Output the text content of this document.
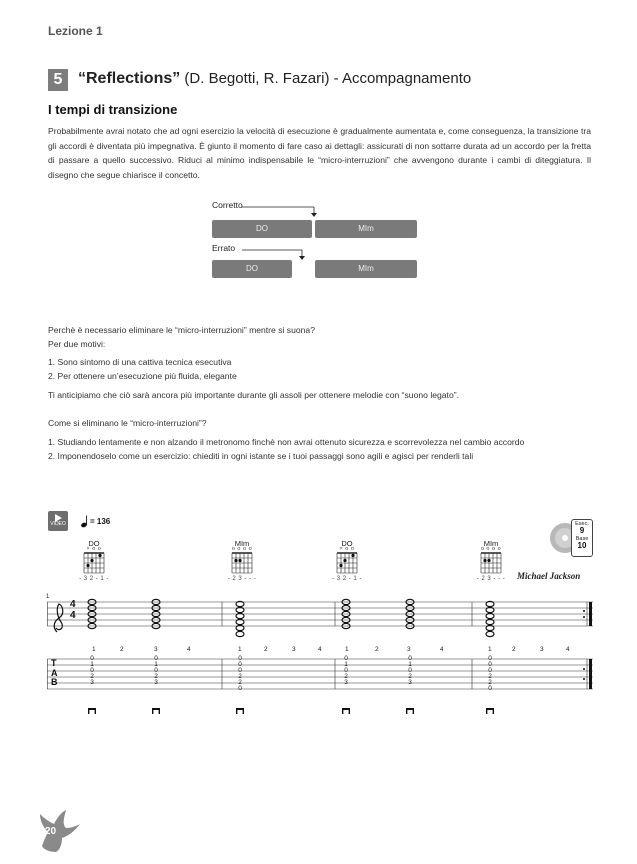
Lezione 1
5 “Reflections” (D. Begotti, R. Fazari) - Accompagnamento
I tempi di transizione
Probabilmente avrai notato che ad ogni esercizio la velocità di esecuzione è gradualmente aumentata e, come conseguenza, la transizione tra gli accordi è diventata più impegnativa. È giunto il momento di fare caso ai dettagli: assicurati di non sottarre durata ad un accordo per la fretta di passare a quello successivo. Riduci al minimo indispensabile le “micro-interruzioni” che avvengono durante i cambi di diteggiatura. Il disegno che segue chiarisce il concetto.
Corretto
DO	MIm
Errato
DO	MIm
Perchè è necessario eliminare le “micro-interruzioni” mentre si suona?
Per due motivi:
1. Sono sintomo di una cattiva tecnica esecutiva
2. Per ottenere un’esecuzione più fluida, elegante
Ti anticipiamo che ciò sarà ancora più importante durante gli assoli per ottenere melodie con “suono legato”.
Come si eliminano le “micro-interruzioni”?
1. Studiando lentamente e non alzando il metronomo finchè non avrai ottenuto sicurezza e scorrevolezza nel cambio accordo
2. Imponendoselo come un esercizio: chiediti in ogni istante se i tuoi passaggi sono agili e agisci per renderli tali
VIDEO	= 136	Esec.
9
Base
10
Michael Jackson
DO	MIm	DO	MIm
× o o	o o o o	× o o	o o o o
- 3 2 - 1 -	- 2 3 - - -	- 3 2 - 1 -	- 2 3 - - -
1
4
4
1	2	3	4	1	2	3	4	1	2	3	4	1	2	3	4
T
A
B
0
1
0
2
3
0
1
0
2
3
0
0
0
2
2
0
0
1
0
2
3
0
1
0
2
3
0
0
0
2
2
0
20
